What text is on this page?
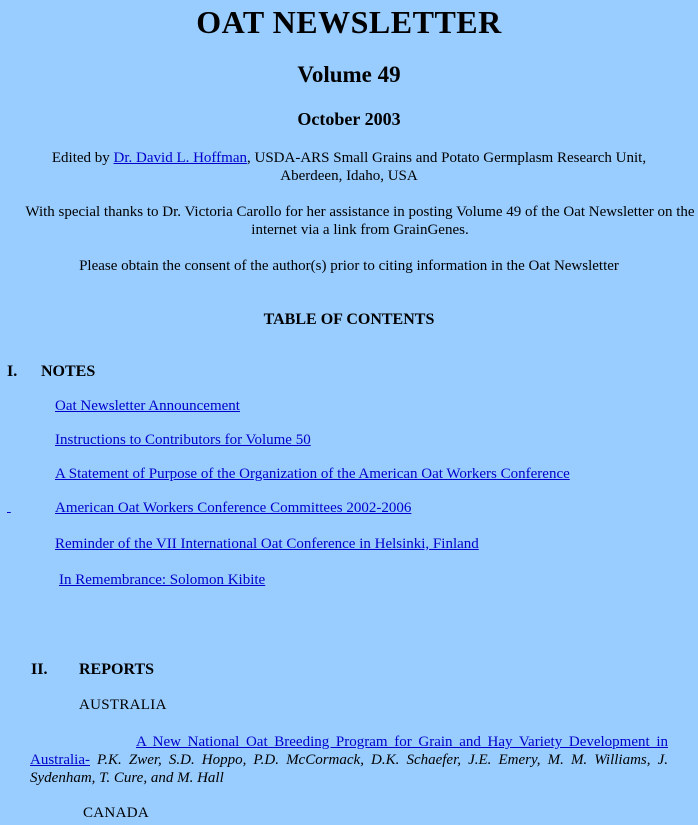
OAT NEWSLETTER
Volume 49
October 2003
Edited by Dr. David L. Hoffman, USDA-ARS Small Grains and Potato Germplasm Research Unit, Aberdeen, Idaho, USA
With special thanks to Dr. Victoria Carollo for her assistance in posting Volume 49 of the Oat Newsletter on the internet via a link from GrainGenes.
Please obtain the consent of the author(s) prior to citing information in the Oat Newsletter
TABLE OF CONTENTS
I. NOTES
Oat Newsletter Announcement
Instructions to Contributors for Volume 50
A Statement of Purpose of the Organization of the American Oat Workers Conference

American Oat Workers Conference Committees 2002-2006
Reminder of the VII International Oat Conference in Helsinki, Finland
In Remembrance: Solomon Kibite
II. REPORTS
AUSTRALIA
A New National Oat Breeding Program for Grain and Hay Variety Development in Australia- P.K. Zwer, S.D. Hoppo, P.D. McCormack, D.K. Schaefer, J.E. Emery, M. M. Williams, J. Sydenham, T. Cure, and M. Hall
CANADA
